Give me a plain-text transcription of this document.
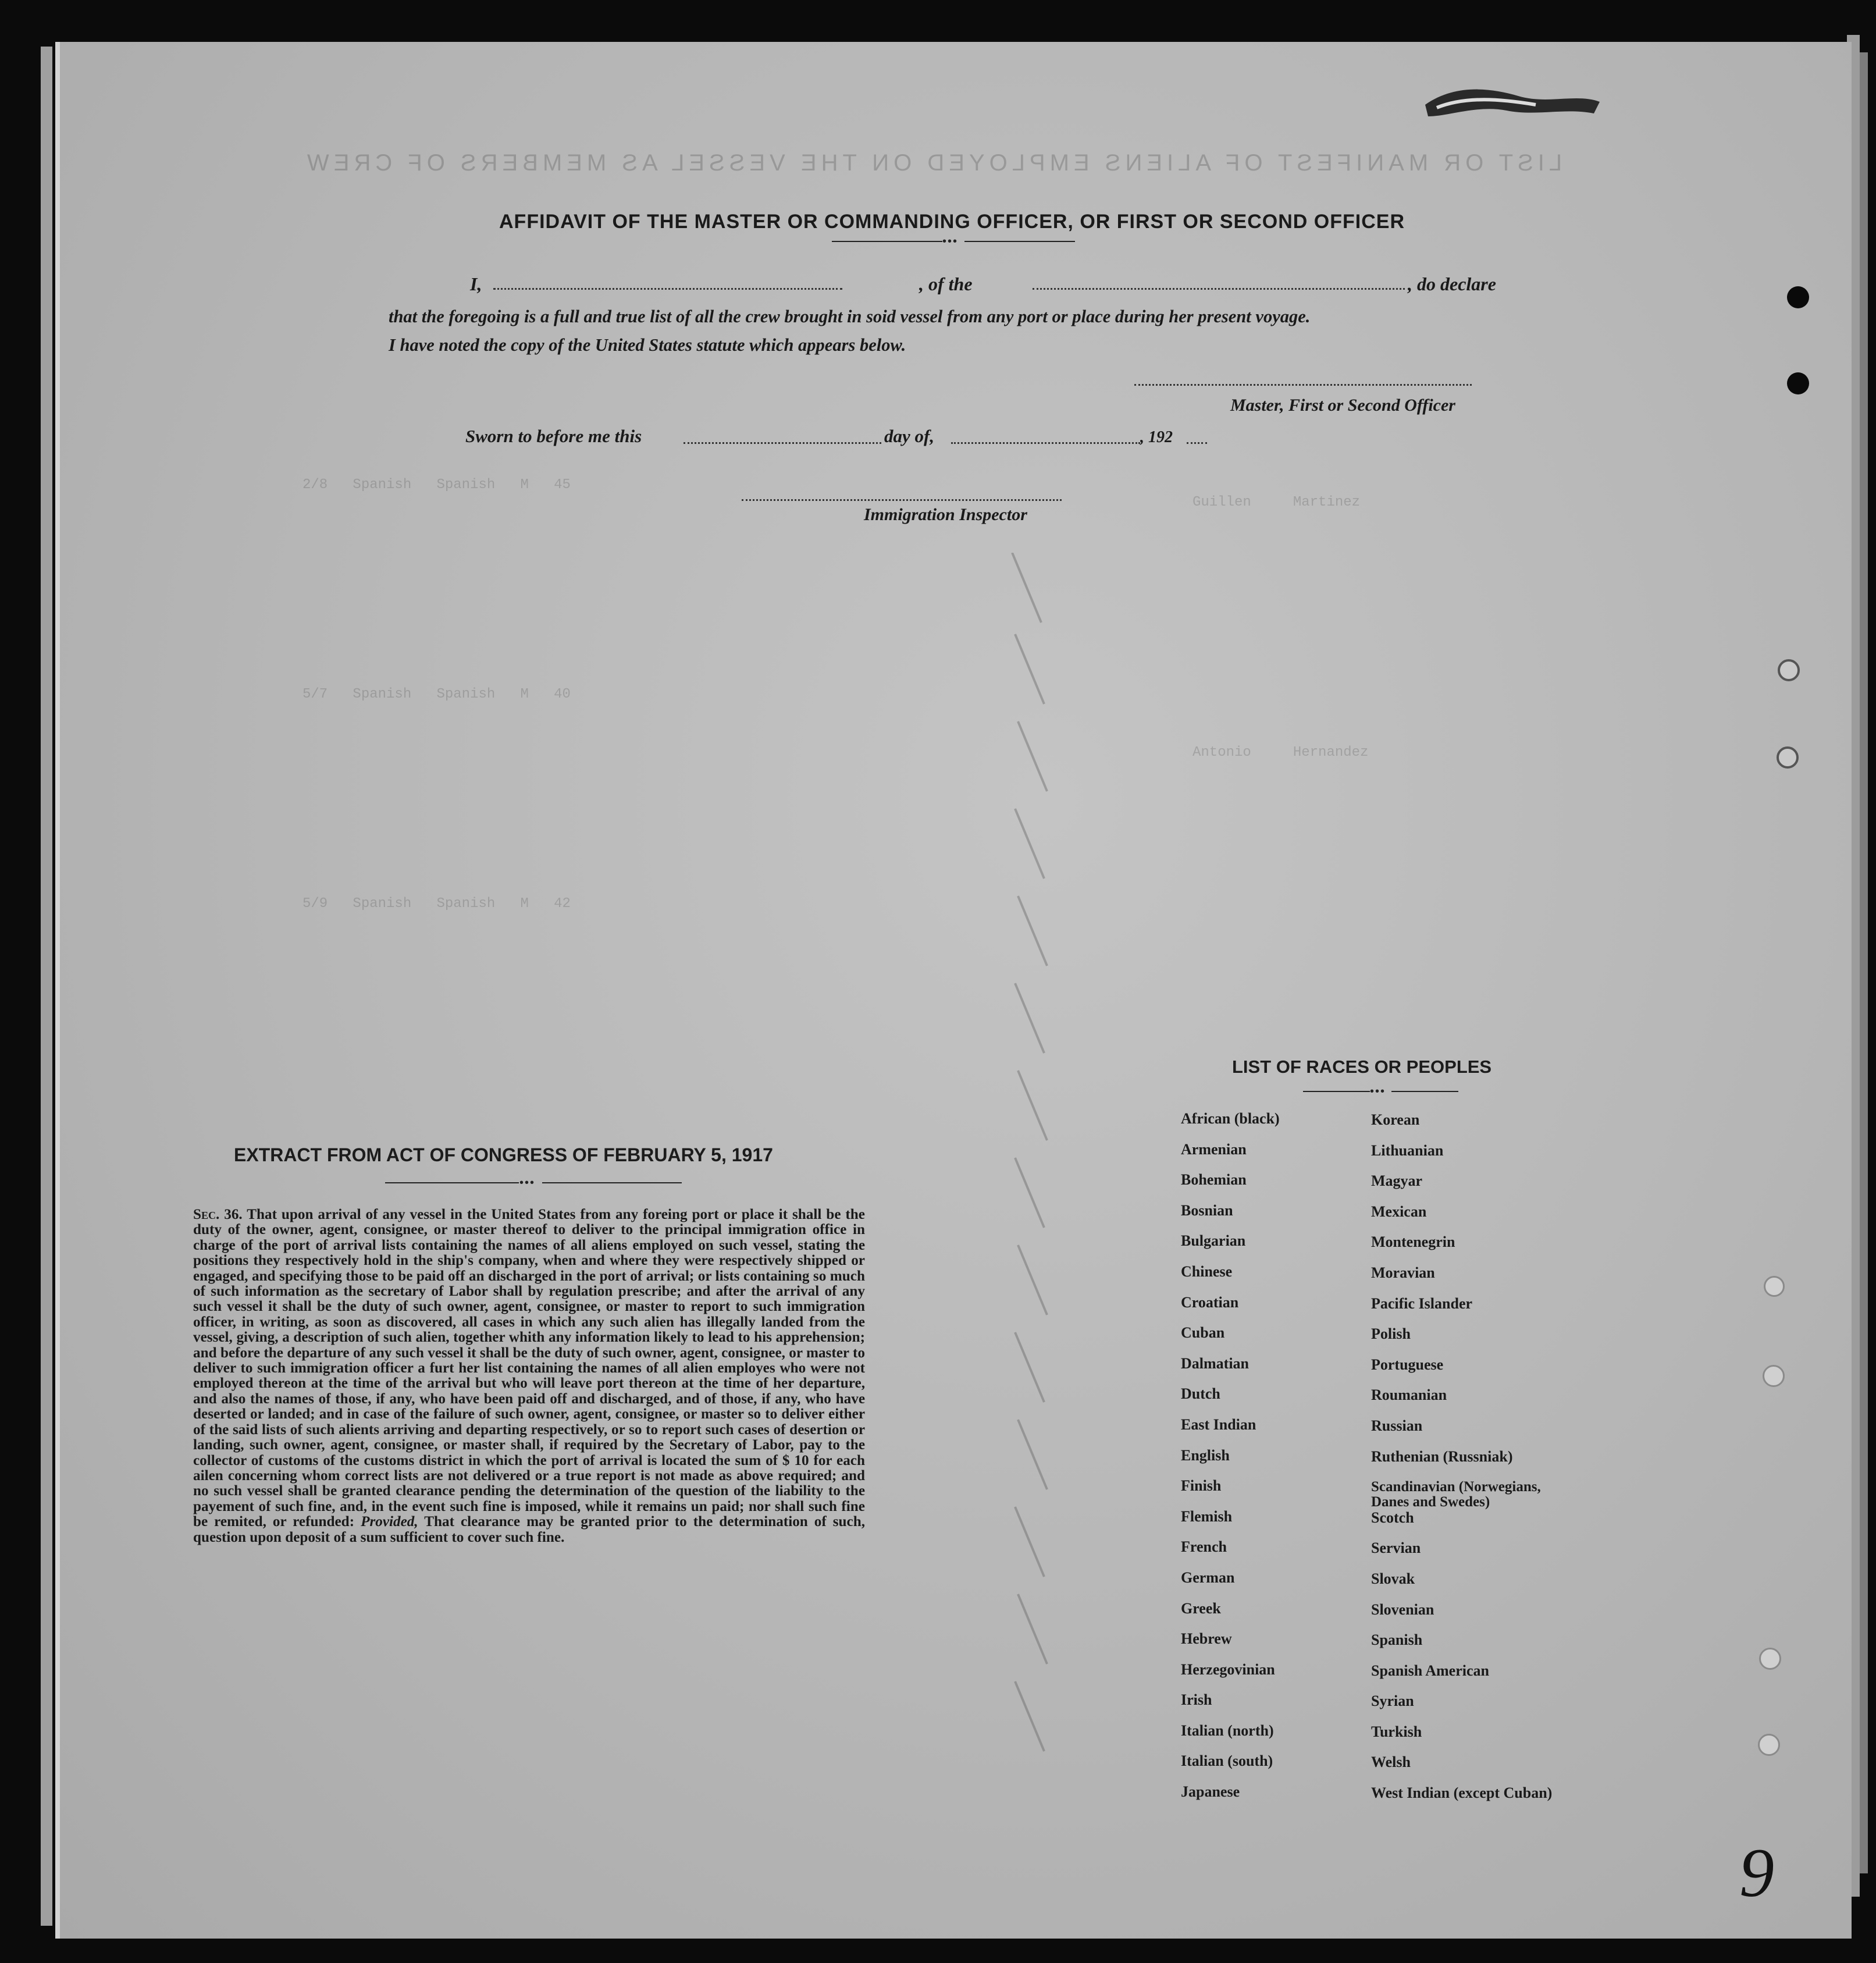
LIST OR MANIFEST OF ALIENS EMPLOYED ON THE VESSEL AS MEMBERS OF CREW
2/8   Spanish   Spanish   M   45
5/7   Spanish   Spanish   M   40
5/9   Spanish   Spanish   M   42
Guillen     Martinez
Antonio     Hernandez
AFFIDAVIT OF THE MASTER OR COMMANDING OFFICER, OR FIRST OR SECOND OFFICER
•••
I,	, of the	, do declare
that the foregoing is a full and true list of all the crew brought in soid vessel from any port or place during her present voyage.
I have noted the copy of the United States statute which appears below.
Master, First or Second Officer
Sworn to before me this	day of,	, 192
Immigration Inspector
EXTRACT FROM ACT OF CONGRESS OF FEBRUARY 5, 1917
•••
Sec. 36. That upon arrival of any vessel in the United States from any foreing port or place it shall be the duty of the owner, agent, consignee, or master thereof to deliver to the principal immigration office in charge of the port of arrival lists containing the names of all aliens employed on such vessel, stating the positions they respectively hold in the ship's company, when and where they were respectively shipped or engaged, and specifying those to be paid off an discharged in the port of arrival; or lists containing so much of such information as the secretary of Labor shall by regulation prescribe; and after the arrival of any such vessel it shall be the duty of such owner, agent, consignee, or master to report to such immigration officer, in writing, as soon as discovered, all cases in which any such alien has illegally landed from the vessel, giving, a description of such alien, together whith any information likely to lead to his apprehension; and before the departure of any such vessel it shall be the duty of such owner, agent, consignee, or master to deliver to such immigration officer a furt her list containing the names of all alien employes who were not employed thereon at the time of the arrival but who will leave port thereon at the time of her departure, and also the names of those, if any, who have been paid off and discharged, and of those, if any, who have deserted or landed; and in case of the failure of such owner, agent, consignee, or master so to deliver either of the said lists of such alients arriving and departing respectively, or so to report such cases of desertion or landing, such owner, agent, consignee, or master shall, if required by the Secretary of Labor, pay to the collector of customs of the customs district in which the port of arrival is located the sum of $ 10 for each ailen concerning whom correct lists are not delivered or a true report is not made as above required; and no such vessel shall be granted clearance pending the determination of the question of the liability to the payement of such fine, and, in the event such fine is imposed, while it remains un paid; nor shall such fine be remited, or refunded: Provided, That clearance may be granted prior to the determination of such, question upon deposit of a sum sufficient to cover such fine.
LIST OF RACES OR PEOPLES
•••
African (black)
Armenian
Bohemian
Bosnian
Bulgarian
Chinese
Croatian
Cuban
Dalmatian
Dutch
East Indian
English
Finish
Flemish
French
German
Greek
Hebrew
Herzegovinian
Irish
Italian (north)
Italian (south)
Japanese
Korean
Lithuanian
Magyar
Mexican
Montenegrin
Moravian
Pacific Islander
Polish
Portuguese
Roumanian
Russian
Ruthenian (Russniak)
Scandinavian (Norwegians, Danes and Swedes)
Scotch
Servian
Slovak
Slovenian
Spanish
Spanish American
Syrian
Turkish
Welsh
West Indian (except Cuban)
9
